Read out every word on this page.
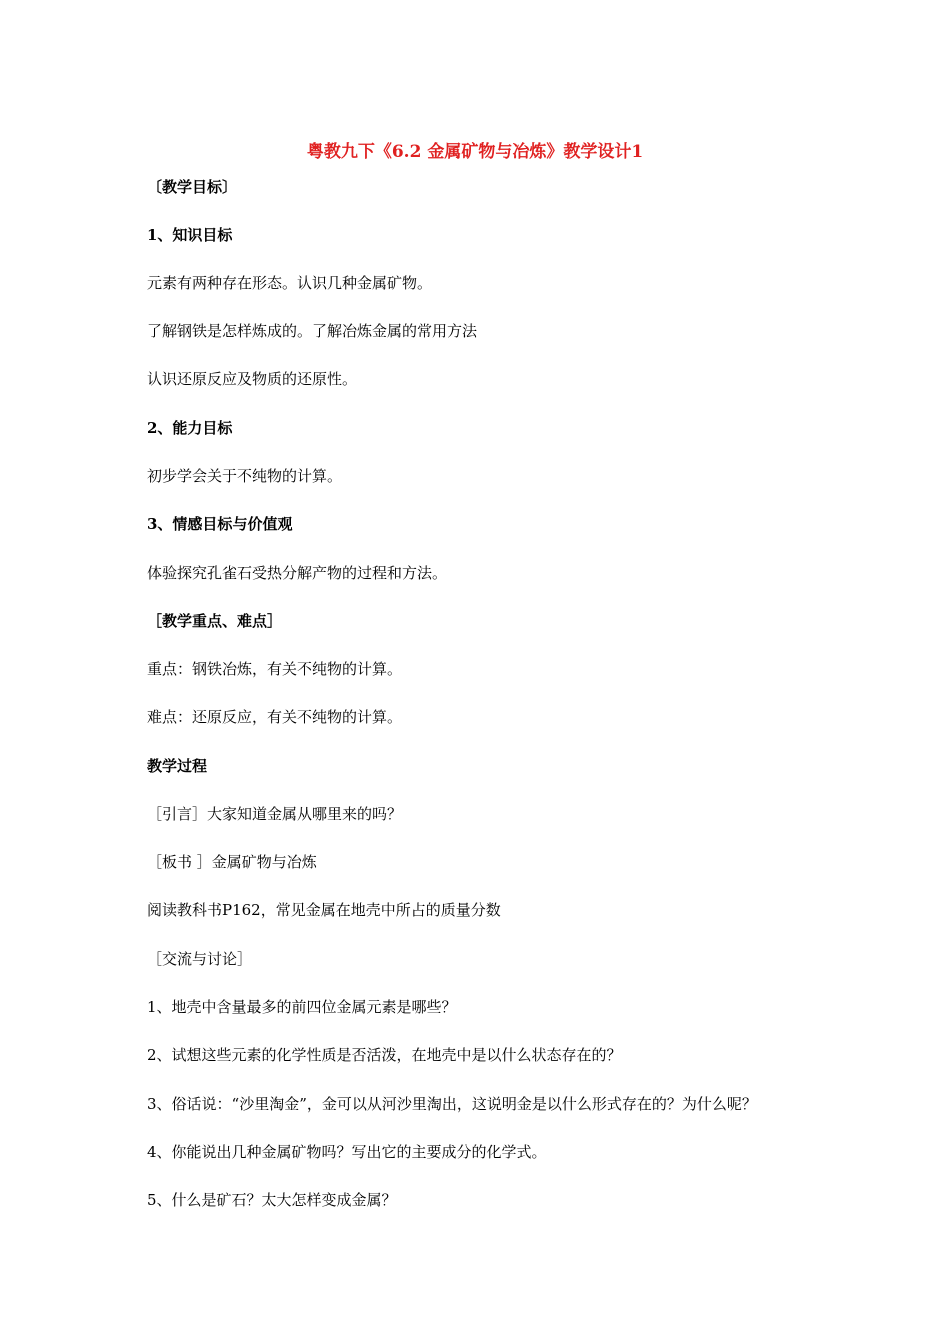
粤教九下《6.2 金属矿物与冶炼》教学设计1
〔教学目标〕
1、知识目标
元素有两种存在形态。认识几种金属矿物。
了解钢铁是怎样炼成的。了解冶炼金属的常用方法
认识还原反应及物质的还原性。
2、能力目标
初步学会关于不纯物的计算。
3、情感目标与价值观
体验探究孔雀石受热分解产物的过程和方法。
［教学重点、难点］
重点：钢铁冶炼，有关不纯物的计算。
难点：还原反应，有关不纯物的计算。
教学过程
［引言］大家知道金属从哪里来的吗？
［板书 ］金属矿物与冶炼
阅读教科书P162，常见金属在地壳中所占的质量分数
［交流与讨论］
1、地壳中含量最多的前四位金属元素是哪些？
2、试想这些元素的化学性质是否活泼，在地壳中是以什么状态存在的？
3、俗话说：“沙里淘金”，金可以从河沙里淘出，这说明金是以什么形式存在的？为什么呢？
4、你能说出几种金属矿物吗？写出它的主要成分的化学式。
5、什么是矿石？太大怎样变成金属？
